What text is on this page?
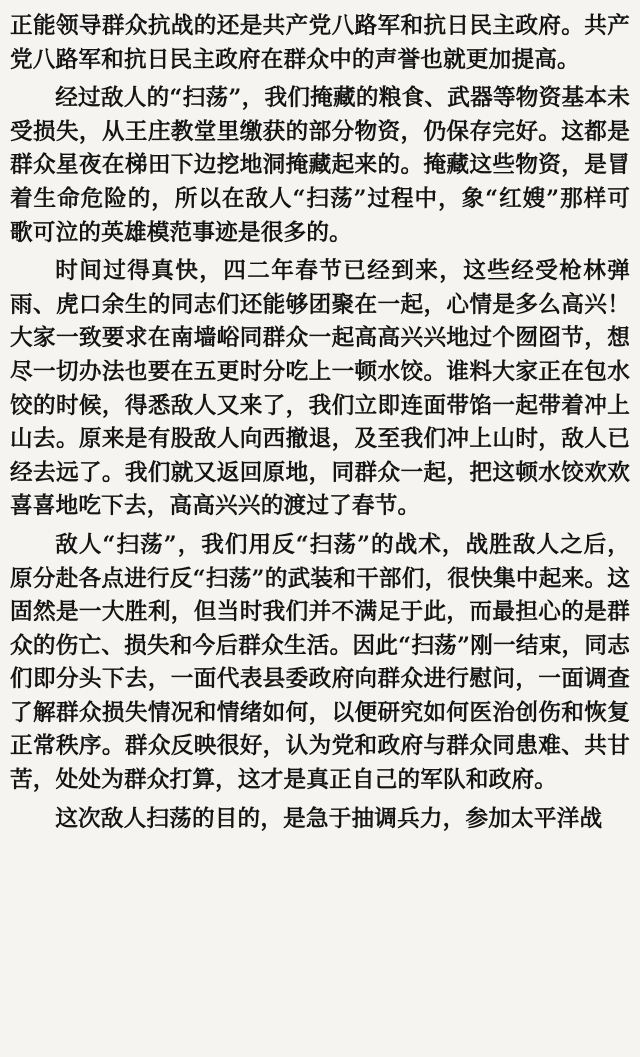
正能领导群众抗战的还是共产党八路军和抗日民主政府。共产党八路军和抗日民主政府在群众中的声誉也就更加提高。

经过敌人的“扫荡”，我们掩藏的粮食、武器等物资基本未受损失，从王庄教堂里缴获的部分物资，仍保存完好。这都是群众星夜在梯田下边挖地洞掩藏起来的。掩藏这些物资，是冒着生命危险的，所以在敌人“扫荡”过程中，象“红嫂”那样可歌可泣的英雄模范事迹是很多的。

时间过得真快，四二年春节已经到来，这些经受枪林弹雨、虎口余生的同志们还能够团聚在一起，心情是多么高兴！大家一致要求在南墙峪同群众一起高高兴兴地过个囫囵节，想尽一切办法也要在五更时分吃上一顿水饺。谁料大家正在包水饺的时候，得悉敌人又来了，我们立即连面带馅一起带着冲上山去。原来是有股敌人向西撤退，及至我们冲上山时，敌人已经去远了。我们就又返回原地，同群众一起，把这顿水饺欢欢喜喜地吃下去，高高兴兴的渡过了春节。

敌人“扫荡”，我们用反“扫荡”的战术，战胜敌人之后，原分赴各点进行反“扫荡”的武装和干部们，很快集中起来。这固然是一大胜利，但当时我们并不满足于此，而最担心的是群众的伤亡、损失和今后群众生活。因此“扫荡”刚一结束，同志们即分头下去，一面代表县委政府向群众进行慰问，一面调查了解群众损失情况和情绪如何，以便研究如何医治创伤和恢复正常秩序。群众反映很好，认为党和政府与群众同患难、共甘苦，处处为群众打算，这才是真正自己的军队和政府。

这次敌人扫荡的目的，是急于抽调兵力，参加太平洋战
